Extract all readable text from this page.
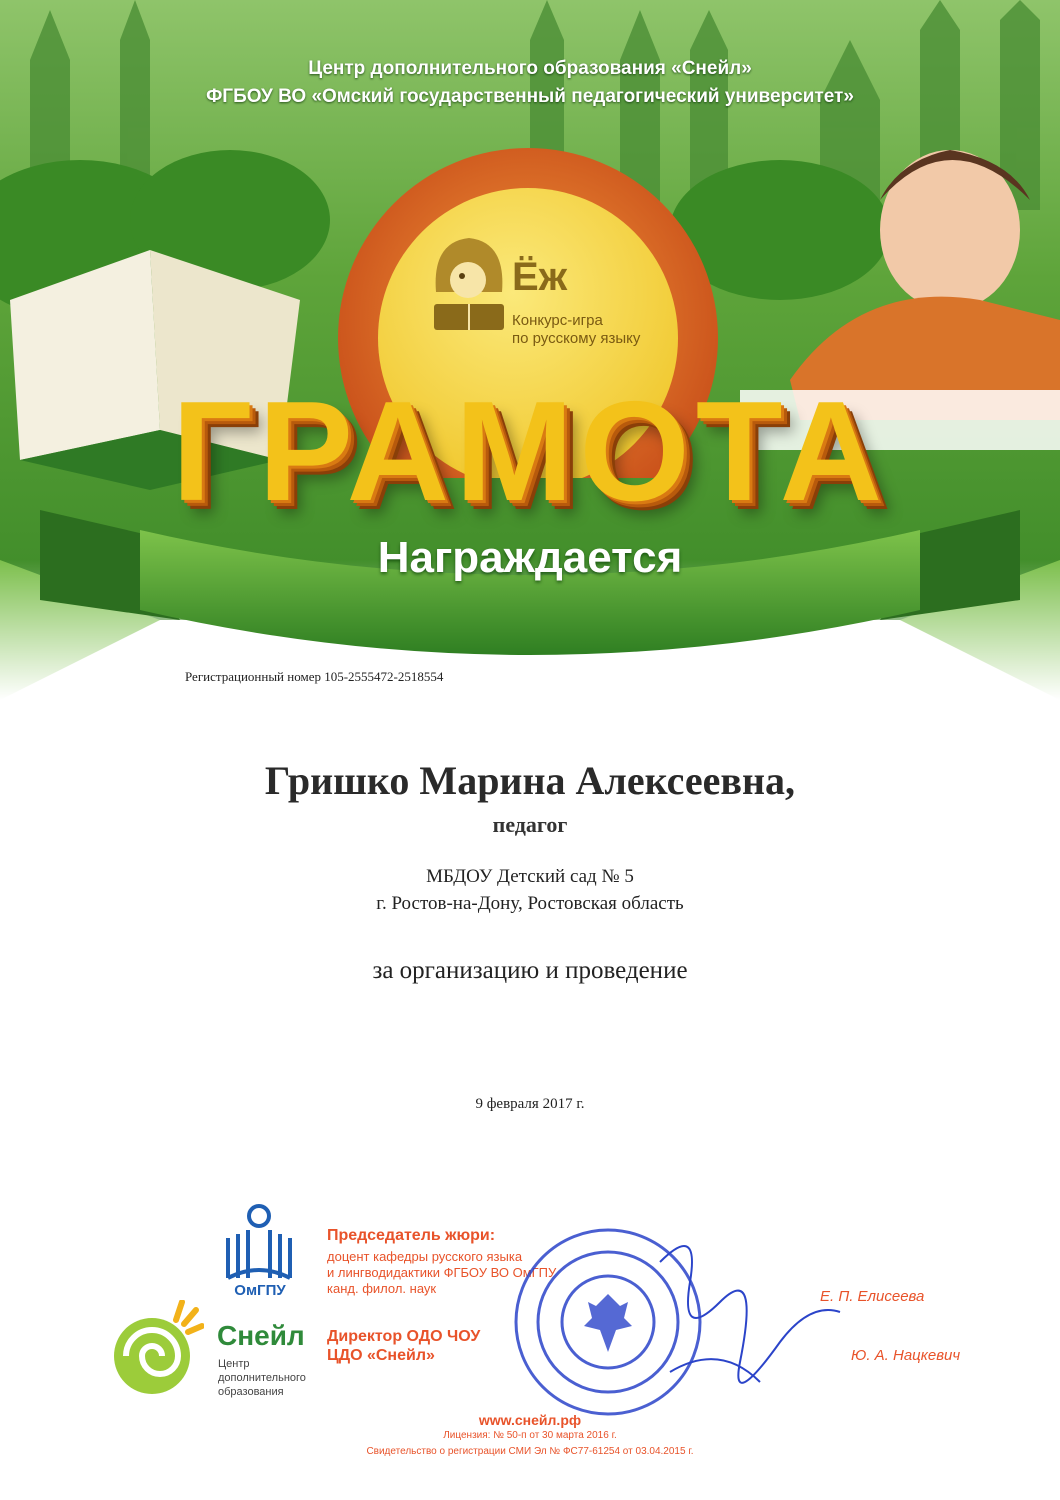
Центр дополнительного образования «Снейл»
ФГБОУ ВО «Омский государственный педагогический университет»
Ёж
Конкурс-игра
по русскому языку
ГРАМОТА
Награждается
Регистрационный номер 105-2555472-2518554
Гришко Марина Алексеевна,
педагог
МБДОУ Детский сад № 5
г. Ростов-на-Дону, Ростовская область
за организацию и проведение
9 февраля 2017 г.
ОмГПУ
Снейл
Центр
дополнительного
образования
Председатель жюри:
доцент кафедры русского языка
и лингводидактики ФГБОУ ВО ОмГПУ
канд. филол. наук
Директор ОДО ЧОУ
ЦДО «Снейл»
Е. П. Елисеева
Ю. А. Нацкевич
www.снейл.рф
Лицензия: № 50-п от 30 марта 2016 г.
Свидетельство о регистрации СМИ Эл № ФС77-61254 от 03.04.2015 г.
